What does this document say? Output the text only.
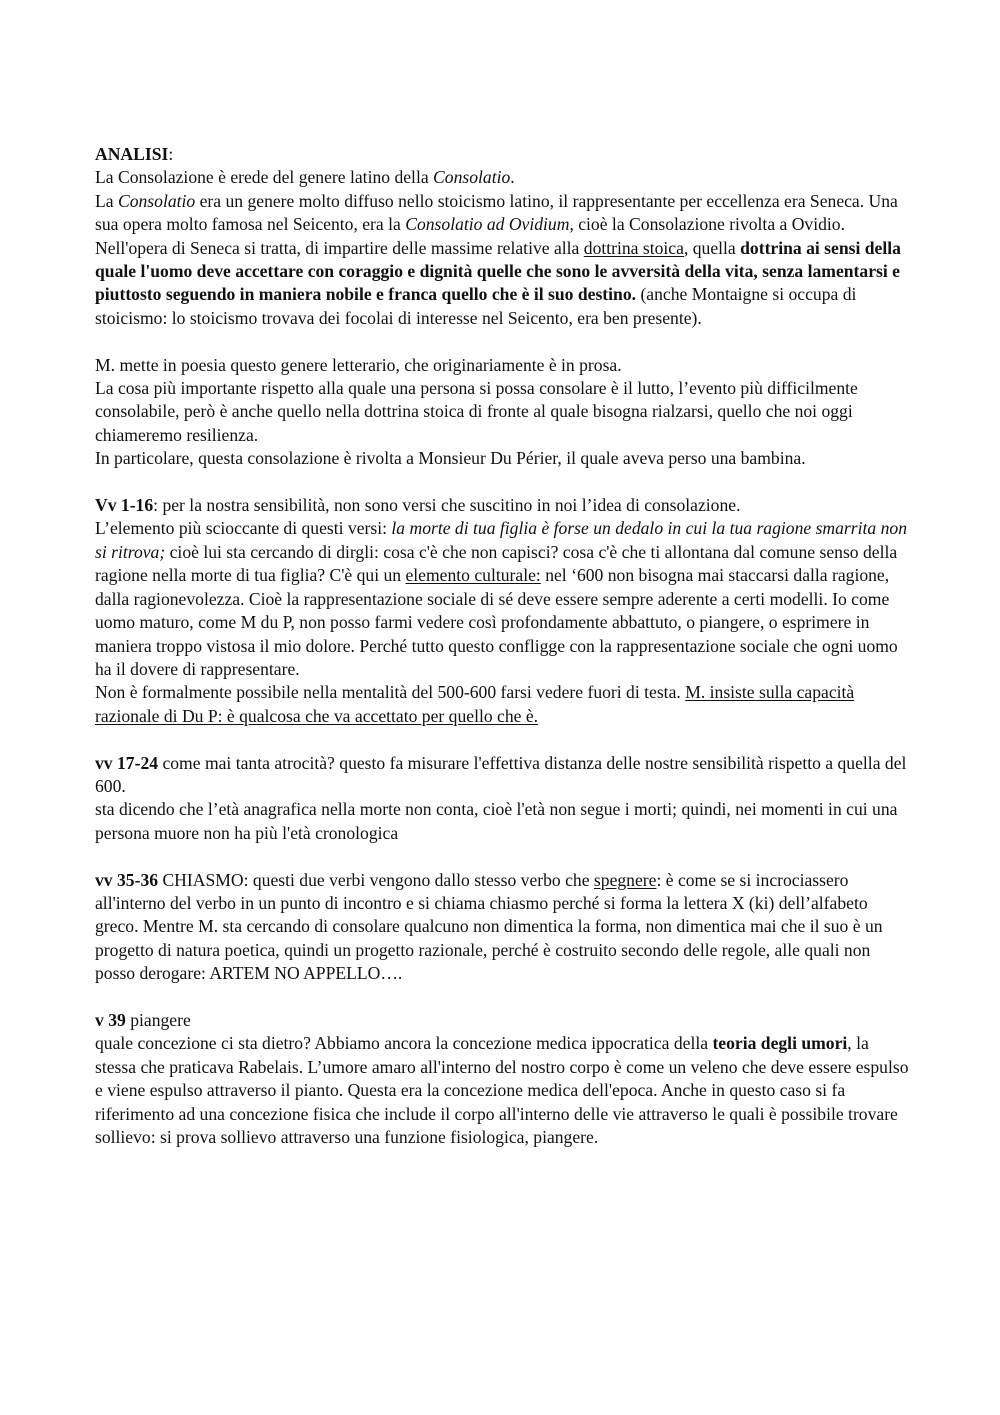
ANALISI:

La Consolazione è erede del genere latino della Consolatio.

La Consolatio era un genere molto diffuso nello stoicismo latino, il rappresentante per eccellenza era Seneca. Una sua opera molto famosa nel Seicento, era la Consolatio ad Ovidium, cioè la Consolazione rivolta a Ovidio. Nell'opera di Seneca si tratta, di impartire delle massime relative alla dottrina stoica, quella dottrina ai sensi della quale l'uomo deve accettare con coraggio e dignità quelle che sono le avversità della vita, senza lamentarsi e piuttosto seguendo in maniera nobile e franca quello che è il suo destino. (anche Montaigne si occupa di stoicismo: lo stoicismo trovava dei focolai di interesse nel Seicento, era ben presente).

M. mette in poesia questo genere letterario, che originariamente è in prosa.

La cosa più importante rispetto alla quale una persona si possa consolare è il lutto, l’evento più difficilmente consolabile, però è anche quello nella dottrina stoica di fronte al quale bisogna rialzarsi, quello che noi oggi chiameremo resilienza.

In particolare, questa consolazione è rivolta a Monsieur Du Périer, il quale aveva perso una bambina.

Vv 1-16: per la nostra sensibilità, non sono versi che suscitino in noi l’idea di consolazione.

L’elemento più scioccante di questi versi: la morte di tua figlia è forse un dedalo in cui la tua ragione smarrita non si ritrova; cioè lui sta cercando di dirgli: cosa c'è che non capisci? cosa c'è che ti allontana dal comune senso della ragione nella morte di tua figlia? C'è qui un elemento culturale: nel ‘600 non bisogna mai staccarsi dalla ragione, dalla ragionevolezza. Cioè la rappresentazione sociale di sé deve essere sempre aderente a certi modelli. Io come uomo maturo, come M du P, non posso farmi vedere così profondamente abbattuto, o piangere, o esprimere in maniera troppo vistosa il mio dolore. Perché tutto questo confligge con la rappresentazione sociale che ogni uomo ha il dovere di rappresentare.

Non è formalmente possibile nella mentalità del 500-600 farsi vedere fuori di testa. M. insiste sulla capacità razionale di Du P: è qualcosa che va accettato per quello che è.

vv 17-24 come mai tanta atrocità? questo fa misurare l'effettiva distanza delle nostre sensibilità rispetto a quella del 600.

sta dicendo che l’età anagrafica nella morte non conta, cioè l'età non segue i morti; quindi, nei momenti in cui una persona muore non ha più l'età cronologica

vv 35-36 CHIASMO: questi due verbi vengono dallo stesso verbo che spegnere: è come se si incrociassero all'interno del verbo in un punto di incontro e si chiama chiasmo perché si forma la lettera X (ki) dell’alfabeto greco. Mentre M. sta cercando di consolare qualcuno non dimentica la forma, non dimentica mai che il suo è un progetto di natura poetica, quindi un progetto razionale, perché è costruito secondo delle regole, alle quali non posso derogare: ARTEM NO APPELLO….

v 39 piangere

quale concezione ci sta dietro? Abbiamo ancora la concezione medica ippocratica della teoria degli umori, la stessa che praticava Rabelais. L’umore amaro all'interno del nostro corpo è come un veleno che deve essere espulso e viene espulso attraverso il pianto. Questa era la concezione medica dell'epoca. Anche in questo caso si fa riferimento ad una concezione fisica che include il corpo all'interno delle vie attraverso le quali è possibile trovare sollievo: si prova sollievo attraverso una funzione fisiologica, piangere.
